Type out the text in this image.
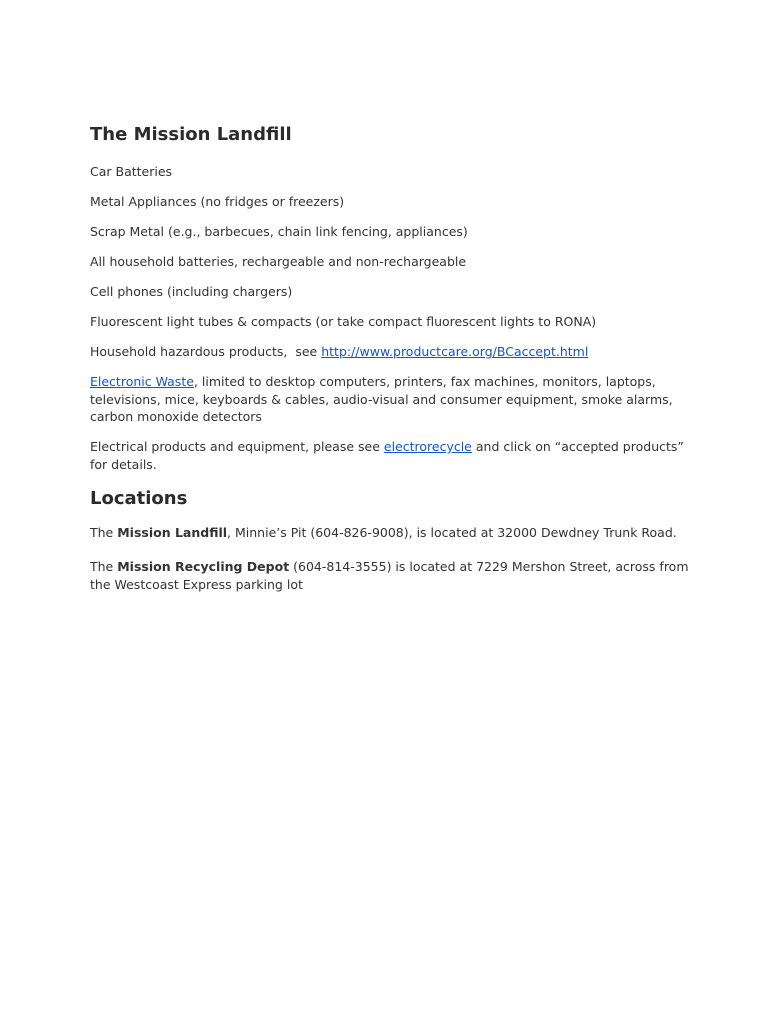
The Mission Landfill

Car Batteries

Metal Appliances (no fridges or freezers)

Scrap Metal (e.g., barbecues, chain link fencing, appliances)

All household batteries, rechargeable and non-rechargeable

Cell phones (including chargers)

Fluorescent light tubes & compacts (or take compact fluorescent lights to RONA)

Household hazardous products,  see http://www.productcare.org/BCaccept.html

Electronic Waste, limited to desktop computers, printers, fax machines, monitors, laptops, televisions, mice, keyboards & cables, audio-visual and consumer equipment, smoke alarms, carbon monoxide detectors

Electrical products and equipment, please see electrorecycle and click on “accepted products” for details.

Locations

The Mission Landfill, Minnie’s Pit (604-826-9008), is located at 32000 Dewdney Trunk Road.

The Mission Recycling Depot (604-814-3555) is located at 7229 Mershon Street, across from the Westcoast Express parking lot
